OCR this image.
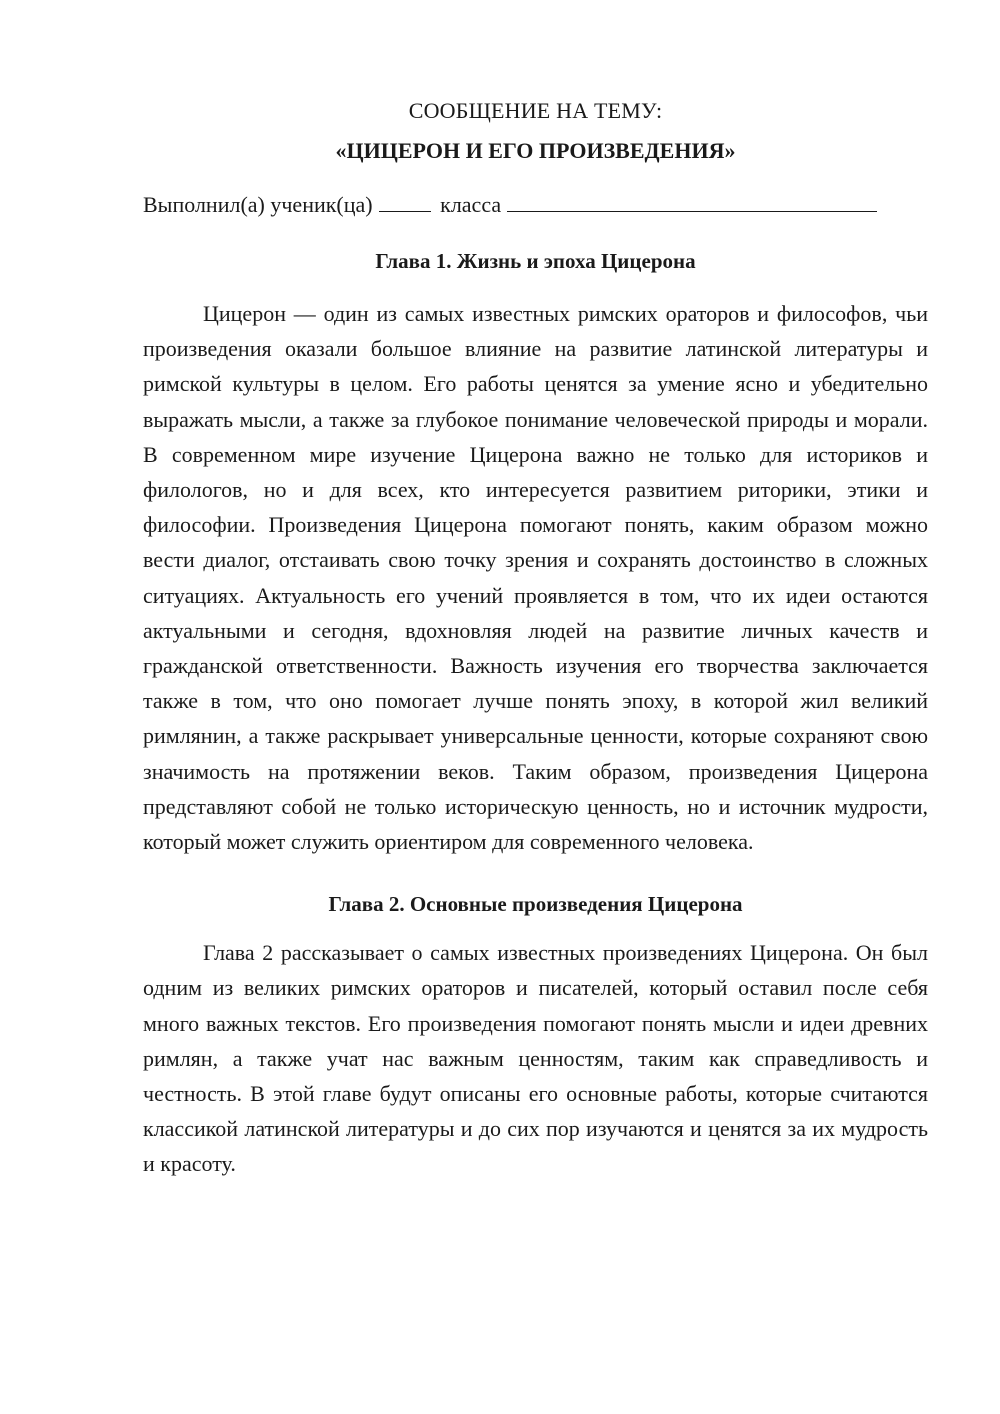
СООБЩЕНИЕ НА ТЕМУ:
«ЦИЦЕРОН И ЕГО ПРОИЗВЕДЕНИЯ»

Выполнил(а) ученик(ца)	класса

Глава 1. Жизнь и эпоха Цицерона

Цицерон — один из самых известных римских ораторов и философов, чьи произведения оказали большое влияние на развитие латинской литературы и римской культуры в целом. Его работы ценятся за умение ясно и убедительно выражать мысли, а также за глубокое понимание человеческой природы и морали. В современном мире изучение Цицерона важно не только для историков и филологов, но и для всех, кто интересуется развитием риторики, этики и философии. Произведения Цицерона помогают понять, каким образом можно вести диалог, отстаивать свою точку зрения и сохранять достоинство в сложных ситуациях. Актуальность его учений проявляется в том, что их идеи остаются актуальными и сегодня, вдохновляя людей на развитие личных качеств и гражданской ответственности. Важность изучения его творчества заключается также в том, что оно помогает лучше понять эпоху, в которой жил великий римлянин, а также раскрывает универсальные ценности, которые сохраняют свою значимость на протяжении веков. Таким образом, произведения Цицерона представляют собой не только историческую ценность, но и источник мудрости, который может служить ориентиром для современного человека.

Глава 2. Основные произведения Цицерона

Глава 2 рассказывает о самых известных произведениях Цицерона. Он был одним из великих римских ораторов и писателей, который оставил после себя много важных текстов. Его произведения помогают понять мысли и идеи древних римлян, а также учат нас важным ценностям, таким как справедливость и честность. В этой главе будут описаны его основные работы, которые считаются классикой латинской литературы и до сих пор изучаются и ценятся за их мудрость и красоту.
